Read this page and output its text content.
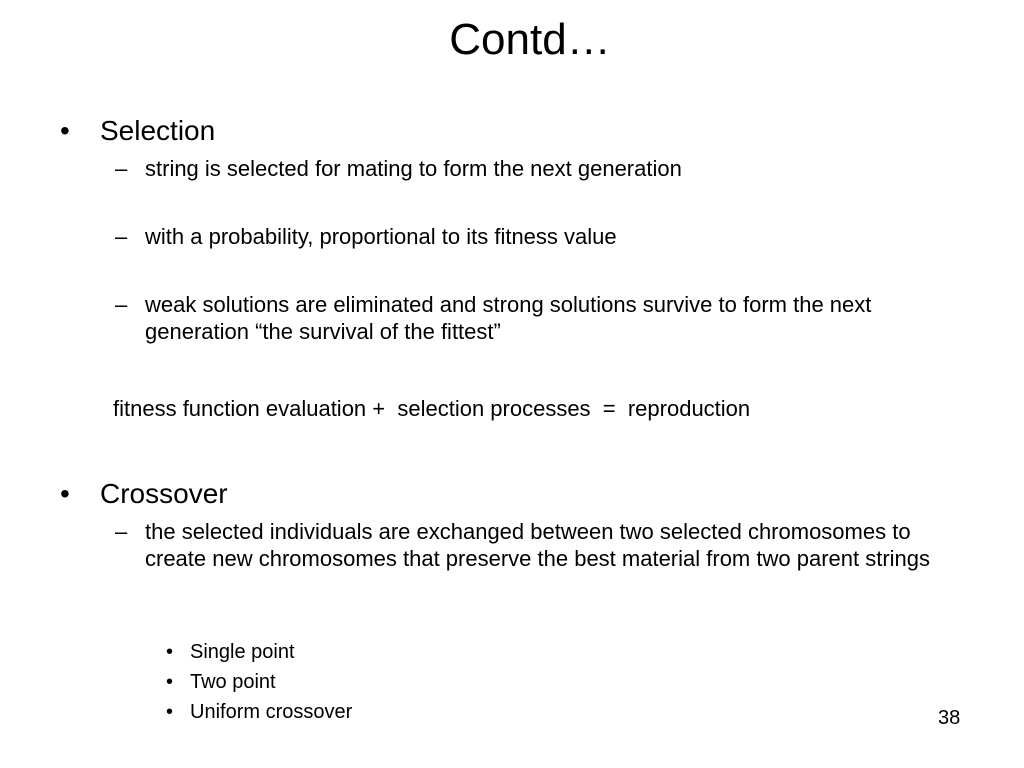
Contd…
• Selection
– string is selected for mating to form the next generation
– with a probability, proportional to its fitness value
– weak solutions are eliminated and strong solutions survive to form the next generation “the survival of the fittest”
fitness function evaluation +  selection processes  =  reproduction
• Crossover
– the selected individuals are exchanged between two selected chromosomes to create new chromosomes that preserve the best material from two parent strings
• Single point
• Two point
• Uniform crossover	38
